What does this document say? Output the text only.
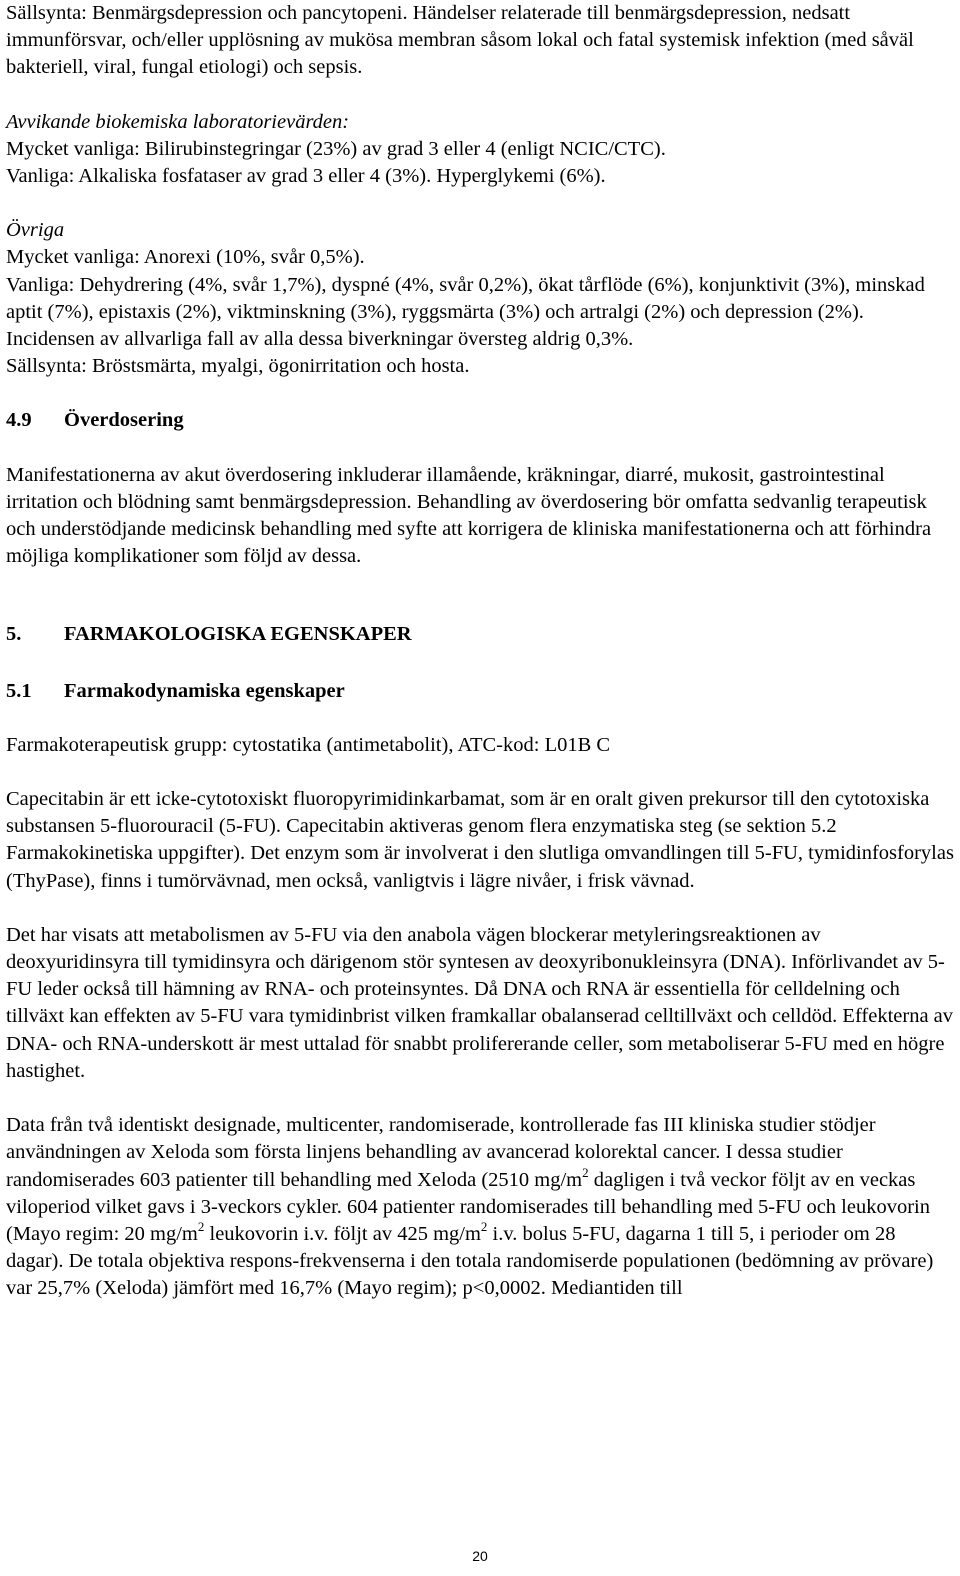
Sällsynta: Benmärgsdepression och pancytopeni. Händelser relaterade till benmärgsdepression, nedsatt immunförsvar, och/eller upplösning av mukösa membran såsom lokal och fatal systemisk infektion (med såväl bakteriell, viral, fungal etiologi) och sepsis.

Avvikande biokemiska laboratorievärden:

Mycket vanliga: Bilirubinstegringar (23%) av grad 3 eller 4 (enligt NCIC/CTC).

Vanliga: Alkaliska fosfataser av grad 3 eller 4 (3%). Hyperglykemi (6%).

Övriga

Mycket vanliga: Anorexi (10%, svår 0,5%).

Vanliga: Dehydrering (4%, svår 1,7%), dyspné (4%, svår 0,2%), ökat tårflöde (6%), konjunktivit (3%), minskad aptit (7%), epistaxis (2%), viktminskning (3%), ryggsmärta (3%) och artralgi (2%) och depression (2%). Incidensen av allvarliga fall av alla dessa biverkningar översteg aldrig 0,3%.

Sällsynta: Bröstsmärta, myalgi, ögonirritation och hosta.

4.9	Överdosering

Manifestationerna av akut överdosering inkluderar illamående, kräkningar, diarré, mukosit, gastrointestinal irritation och blödning samt benmärgsdepression. Behandling av överdosering bör omfatta sedvanlig terapeutisk och understödjande medicinsk behandling med syfte att korrigera de kliniska manifestationerna och att förhindra möjliga komplikationer som följd av dessa.

5.	FARMAKOLOGISKA EGENSKAPER
5.1	Farmakodynamiska egenskaper

Farmakoterapeutisk grupp: cytostatika (antimetabolit), ATC-kod: L01B C

Capecitabin är ett icke-cytotoxiskt fluoropyrimidinkarbamat, som är en oralt given prekursor till den cytotoxiska substansen 5-fluorouracil (5-FU). Capecitabin aktiveras genom flera enzymatiska steg (se sektion 5.2 Farmakokinetiska uppgifter). Det enzym som är involverat i den slutliga omvandlingen till 5-FU, tymidinfosforylas (ThyPase), finns i tumörvävnad, men också, vanligtvis i lägre nivåer, i frisk vävnad.

Det har visats att metabolismen av 5-FU via den anabola vägen blockerar metyleringsreaktionen av deoxyuridinsyra till tymidinsyra och därigenom stör syntesen av deoxyribonukleinsyra (DNA). Införlivandet av 5-FU leder också till hämning av RNA- och proteinsyntes. Då DNA och RNA är essentiella för celldelning och tillväxt kan effekten av 5-FU vara tymidinbrist vilken framkallar obalanserad celltillväxt och celldöd. Effekterna av DNA- och RNA-underskott är mest uttalad för snabbt prolifererande celler, som metaboliserar 5-FU med en högre hastighet.

Data från två identiskt designade, multicenter, randomiserade, kontrollerade fas III kliniska studier stödjer användningen av Xeloda som första linjens behandling av avancerad kolorektal cancer. I dessa studier randomiserades 603 patienter till behandling med Xeloda (2510 $mg/m^2$ dagligen i två veckor följt av en veckas viloperiod vilket gavs i 3-veckors cykler. 604 patienter randomiserades till behandling med 5-FU och leukovorin (Mayo regim: 20 $mg/m^2$ leukovorin i.v. följt av 425 $mg/m^2$ i.v. bolus 5-FU, dagarna 1 till 5, i perioder om 28 dagar). De totala objektiva respons-frekvenserna i den totala randomiserde populationen (bedömning av prövare) var 25,7% (Xeloda) jämfört med 16,7% (Mayo regim); p<0,0002. Mediantiden till

20
